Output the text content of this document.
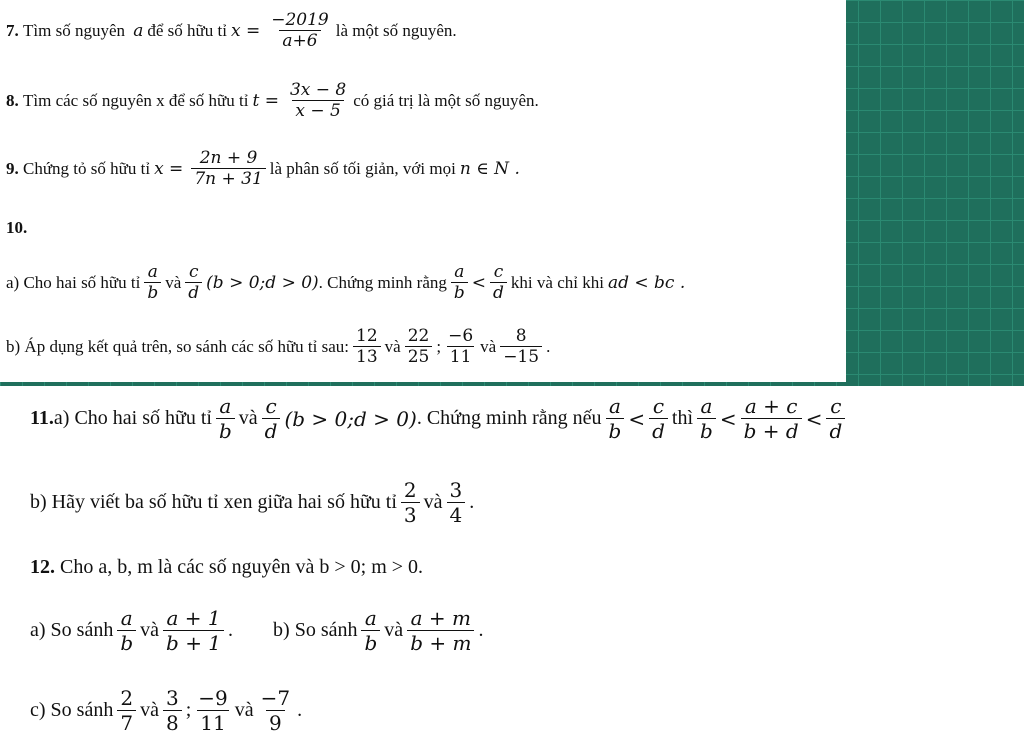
7.
Tìm số nguyên
a để số hữu tỉ $x = \frac{-2019}{a+6}$ là một số nguyên.
8.
Tìm các số nguyên x để số hữu tỉ $t = \frac{3x - 8}{x - 5}$ có giá trị là một số nguyên.
9.
Chứng tỏ số hữu tỉ $x = \frac{2n + 9}{7n + 31}$ là phân số tối giản, với mọi n ∈ N .
10.
a) Cho hai số hữu tỉ $\frac{a}{b}$ và $\frac{c}{d} (b$ > 0;d > 0) . Chứng minh rằng $\frac{a}{b} < \frac{c}{d}$ khi và chỉ khi ad < bc .
b) Áp dụng kết quả trên, so sánh các số hữu tỉ sau: $\frac{12}{13}$ và $\frac{22}{25}$ ; $\frac{-6}{11}$ và $\frac{8}{-15}$ .
11. a) Cho hai số hữu tỉ $\frac{a}{b}$ và $\frac{c}{d} (b$ > 0;d > 0) . Chứng minh rằng nếu $\frac{a}{b} < \frac{c}{d}$ thì $\frac{a}{b} < \frac{a + c}{b + d} < \frac{c}{d}$
b) Hãy viết ba số hữu tỉ xen giữa hai số hữu tỉ $\frac{2}{3}$ và $\frac{3}{4}$ .
12.
Cho a, b, m là các số nguyên và b > 0; m > 0.
a) So sánh $\frac{a}{b}$ và $\frac{a + 1}{b + 1}$ . b) So sánh $\frac{a}{b}$ và $\frac{a + m}{b + m}$ .
c) So sánh $\frac{2}{7}$ và $\frac{3}{8}$ ; $\frac{-9}{11}$ và $\frac{-7}{9}$ .
